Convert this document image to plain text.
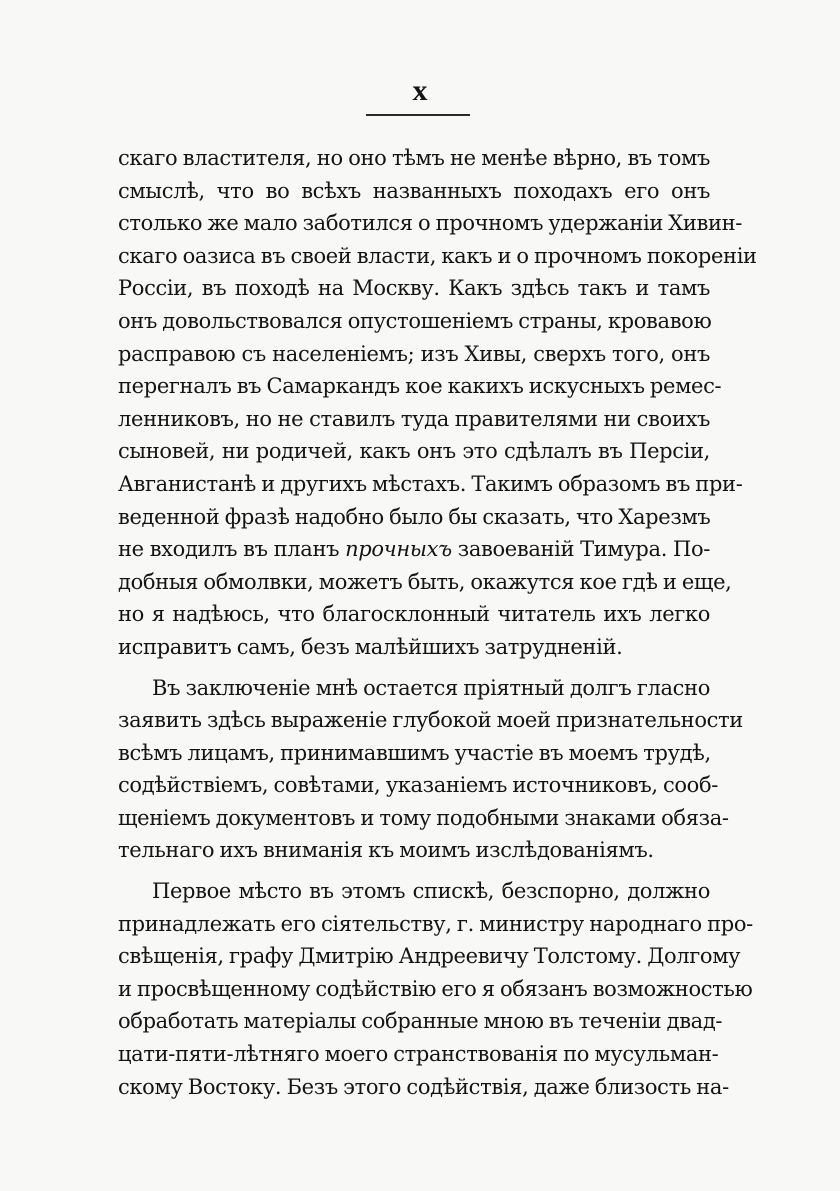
x
скаго властителя, но оно тѣмъ не менѣе вѣрно, въ томъ
смыслѣ, что во всѣхъ названныхъ походахъ его онъ
столько же мало заботился о прочномъ удержанiи Хивин-
скаго оазиса въ своей власти, какъ и о прочномъ покоренiи
Россiи, въ походѣ на Москву. Какъ здѣсь такъ и тамъ
онъ довольствовался опустошенiемъ страны, кровавою
расправою съ населенiемъ; изъ Хивы, сверхъ того, онъ
перегналъ въ Самаркандъ кое какихъ искусныхъ ремес-
ленниковъ, но не ставилъ туда правителями ни своихъ
сыновей, ни родичей, какъ онъ это сдѣлалъ въ Персiи,
Авганистанѣ и другихъ мѣстахъ. Такимъ образомъ въ при-
веденной фразѣ надобно было бы сказать, что Харезмъ
не входилъ въ планъ прочныхъ завоеванiй Тимура. По-
добныя обмолвки, можетъ быть, окажутся кое гдѣ и еще,
но я надѣюсь, что благосклонный читатель ихъ легко
исправитъ самъ, безъ малѣйшихъ затрудненiй.
Въ заключенiе мнѣ остается прiятный долгъ гласно
заявить здѣсь выраженiе глубокой моей признательности
всѣмъ лицамъ, принимавшимъ участiе въ моемъ трудѣ,
содѣйствiемъ, совѣтами, указанiемъ источниковъ, сооб-
щенiемъ документовъ и тому подобными знаками обяза-
тельнаго ихъ вниманiя къ моимъ изслѣдованiямъ.
Первое мѣсто въ этомъ спискѣ, безспорно, должно
принадлежать его сiятельству, г. министру народнаго про-
свѣщенiя, графу Дмитрiю Андреевичу Толстому. Долгому
и просвѣщенному содѣйствiю его я обязанъ возможностью
обработать матерiалы собранные мною въ теченiи двад-
цати-пяти-лѣтняго моего странствованiя по мусульман-
скому Востоку. Безъ этого содѣйствiя, даже близость на-
